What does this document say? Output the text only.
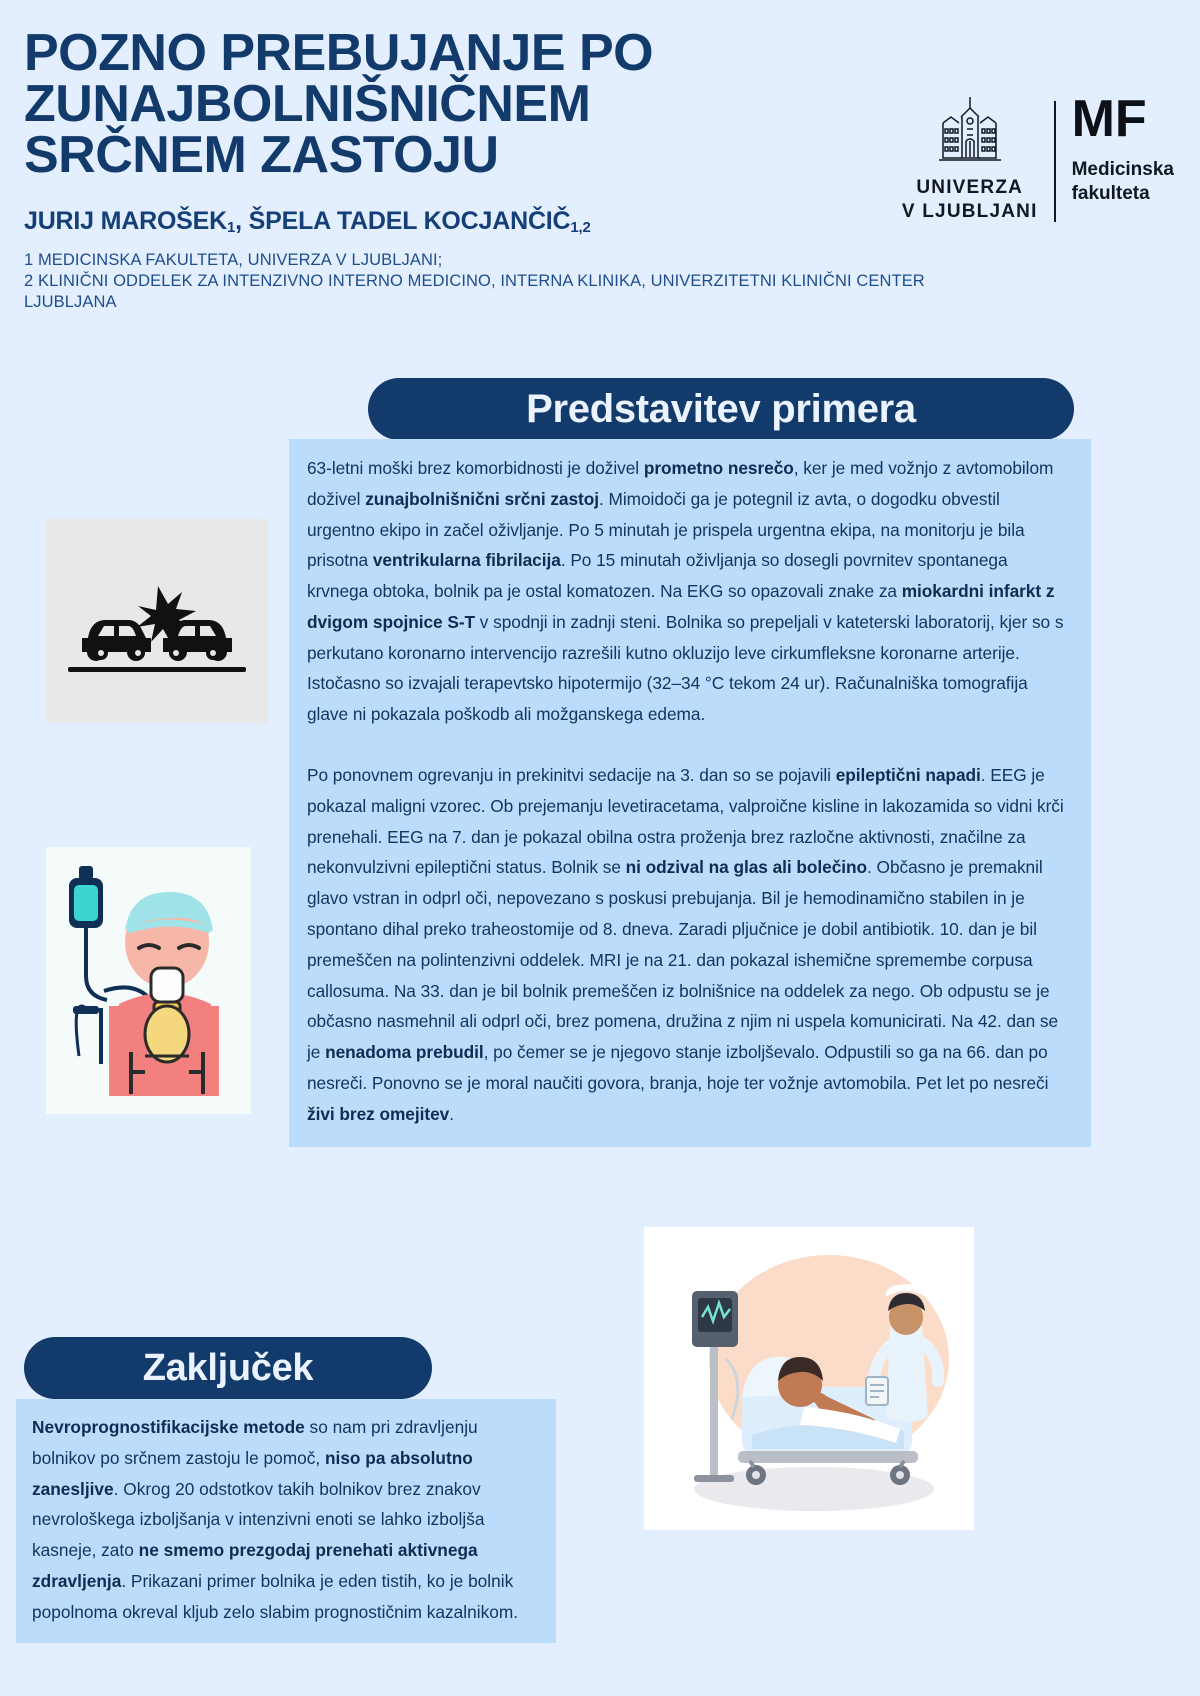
POZNO PREBUJANJE PO
ZUNAJBOLNIŠNIČNEM
SRČNEM ZASTOJU
JURIJ $MAROŠEK_1$, ŠPELA TADEL $KOCJANČIČ_{1,2}$
1 MEDICINSKA FAKULTETA, UNIVERZA V LJUBLJANI;
2 KLINIČNI ODDELEK ZA INTENZIVNO INTERNO MEDICINO, INTERNA KLINIKA, UNIVERZITETNI KLINIČNI CENTER
LJUBLJANA
UNIVERZA
V LJUBLJANI
MF
Medicinska
fakulteta
Predstavitev primera

63-letni moški brez komorbidnosti je doživel prometno nesrečo, ker je med vožnjo z avtomobilom doživel zunajbolnišnični srčni zastoj. Mimoidoči ga je potegnil iz avta, o dogodku obvestil urgentno ekipo in začel oživljanje. Po 5 minutah je prispela urgentna ekipa, na monitorju je bila prisotna ventrikularna fibrilacija. Po 15 minutah oživljanja so dosegli povrnitev spontanega krvnega obtoka, bolnik pa je ostal komatozen. Na EKG so opazovali znake za miokardni infarkt z dvigom spojnice S-T v spodnji in zadnji steni. Bolnika so prepeljali v kateterski laboratorij, kjer so s perkutano koronarno intervencijo razrešili kutno okluzijo leve cirkumfleksne koronarne arterije. Istočasno so izvajali terapevtsko hipotermijo (32–34 °C tekom 24 ur). Računalniška tomografija glave ni pokazala poškodb ali možganskega edema.

Po ponovnem ogrevanju in prekinitvi sedacije na 3. dan so se pojavili epileptični napadi. EEG je pokazal maligni vzorec. Ob prejemanju levetiracetama, valproične kisline in lakozamida so vidni krči prenehali. EEG na 7. dan je pokazal obilna ostra proženja brez razločne aktivnosti, značilne za nekonvulzivni epileptični status. Bolnik se ni odzival na glas ali bolečino. Občasno je premaknil glavo vstran in odprl oči, nepovezano s poskusi prebujanja. Bil je hemodinamično stabilen in je spontano dihal preko traheostomije od 8. dneva. Zaradi pljučnice je dobil antibiotik. 10. dan je bil premeščen na polintenzivni oddelek. MRI je na 21. dan pokazal ishemične spremembe corpusa callosuma. Na 33. dan je bil bolnik premeščen iz bolnišnice na oddelek za nego. Ob odpustu se je občasno nasmehnil ali odprl oči, brez pomena, družina z njim ni uspela komunicirati. Na 42. dan se je nenadoma prebudil, po čemer se je njegovo stanje izboljševalo. Odpustili so ga na 66. dan po nesreči. Ponovno se je moral naučiti govora, branja, hoje ter vožnje avtomobila. Pet let po nesreči živi brez omejitev.

Zaključek

Nevroprognostifikacijske metode so nam pri zdravljenju bolnikov po srčnem zastoju le pomoč, niso pa absolutno zanesljive. Okrog 20 odstotkov takih bolnikov brez znakov nevrološkega izboljšanja v intenzivni enoti se lahko izboljša kasneje, zato ne smemo prezgodaj prenehati aktivnega zdravljenja. Prikazani primer bolnika je eden tistih, ko je bolnik popolnoma okreval kljub zelo slabim prognostičnim kazalnikom.
